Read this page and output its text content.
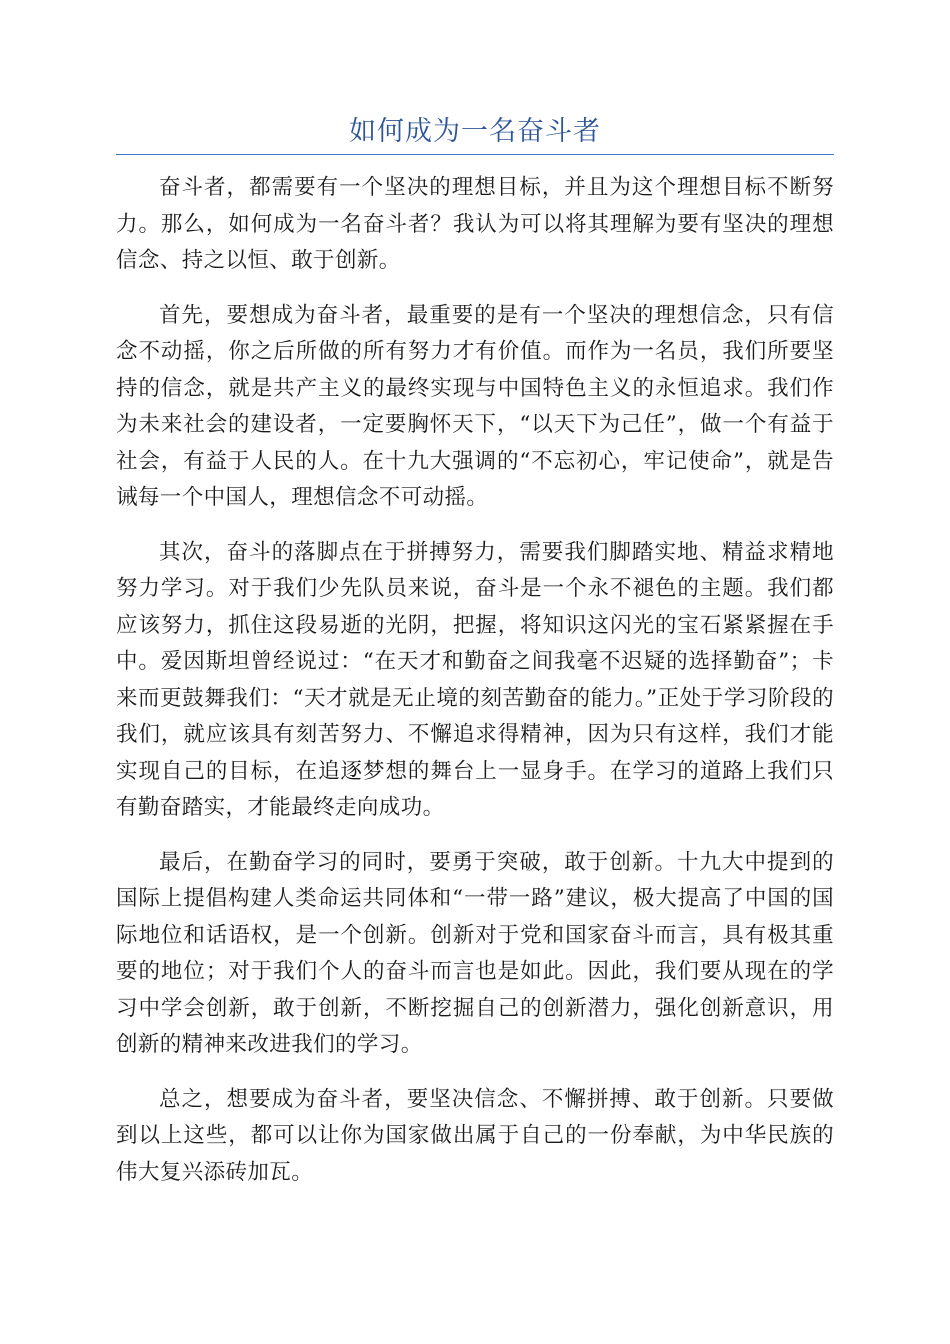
如何成为一名奋斗者

奋斗者，都需要有一个坚决的理想目标，并且为这个理想目标不断努力。那么，如何成为一名奋斗者？我认为可以将其理解为要有坚决的理想信念、持之以恒、敢于创新。

首先，要想成为奋斗者，最重要的是有一个坚决的理想信念，只有信念不动摇，你之后所做的所有努力才有价值。而作为一名员，我们所要坚持的信念，就是共产主义的最终实现与中国特色主义的永恒追求。我们作为未来社会的建设者，一定要胸怀天下，“以天下为己任”，做一个有益于社会，有益于人民的人。在十九大强调的“不忘初心，牢记使命”，就是告诫每一个中国人，理想信念不可动摇。

其次，奋斗的落脚点在于拼搏努力，需要我们脚踏实地、精益求精地努力学习。对于我们少先队员来说，奋斗是一个永不褪色的主题。我们都应该努力，抓住这段易逝的光阴，把握，将知识这闪光的宝石紧紧握在手中。爱因斯坦曾经说过：“在天才和勤奋之间我毫不迟疑的选择勤奋”；卡来而更鼓舞我们：“天才就是无止境的刻苦勤奋的能力。”正处于学习阶段的我们，就应该具有刻苦努力、不懈追求得精神，因为只有这样，我们才能实现自己的目标，在追逐梦想的舞台上一显身手。在学习的道路上我们只有勤奋踏实，才能最终走向成功。

最后，在勤奋学习的同时，要勇于突破，敢于创新。十九大中提到的国际上提倡构建人类命运共同体和“一带一路”建议，极大提高了中国的国际地位和话语权，是一个创新。创新对于党和国家奋斗而言，具有极其重要的地位；对于我们个人的奋斗而言也是如此。因此，我们要从现在的学习中学会创新，敢于创新，不断挖掘自己的创新潜力，强化创新意识，用创新的精神来改进我们的学习。

总之，想要成为奋斗者，要坚决信念、不懈拼搏、敢于创新。只要做到以上这些，都可以让你为国家做出属于自己的一份奉献，为中华民族的伟大复兴添砖加瓦。
